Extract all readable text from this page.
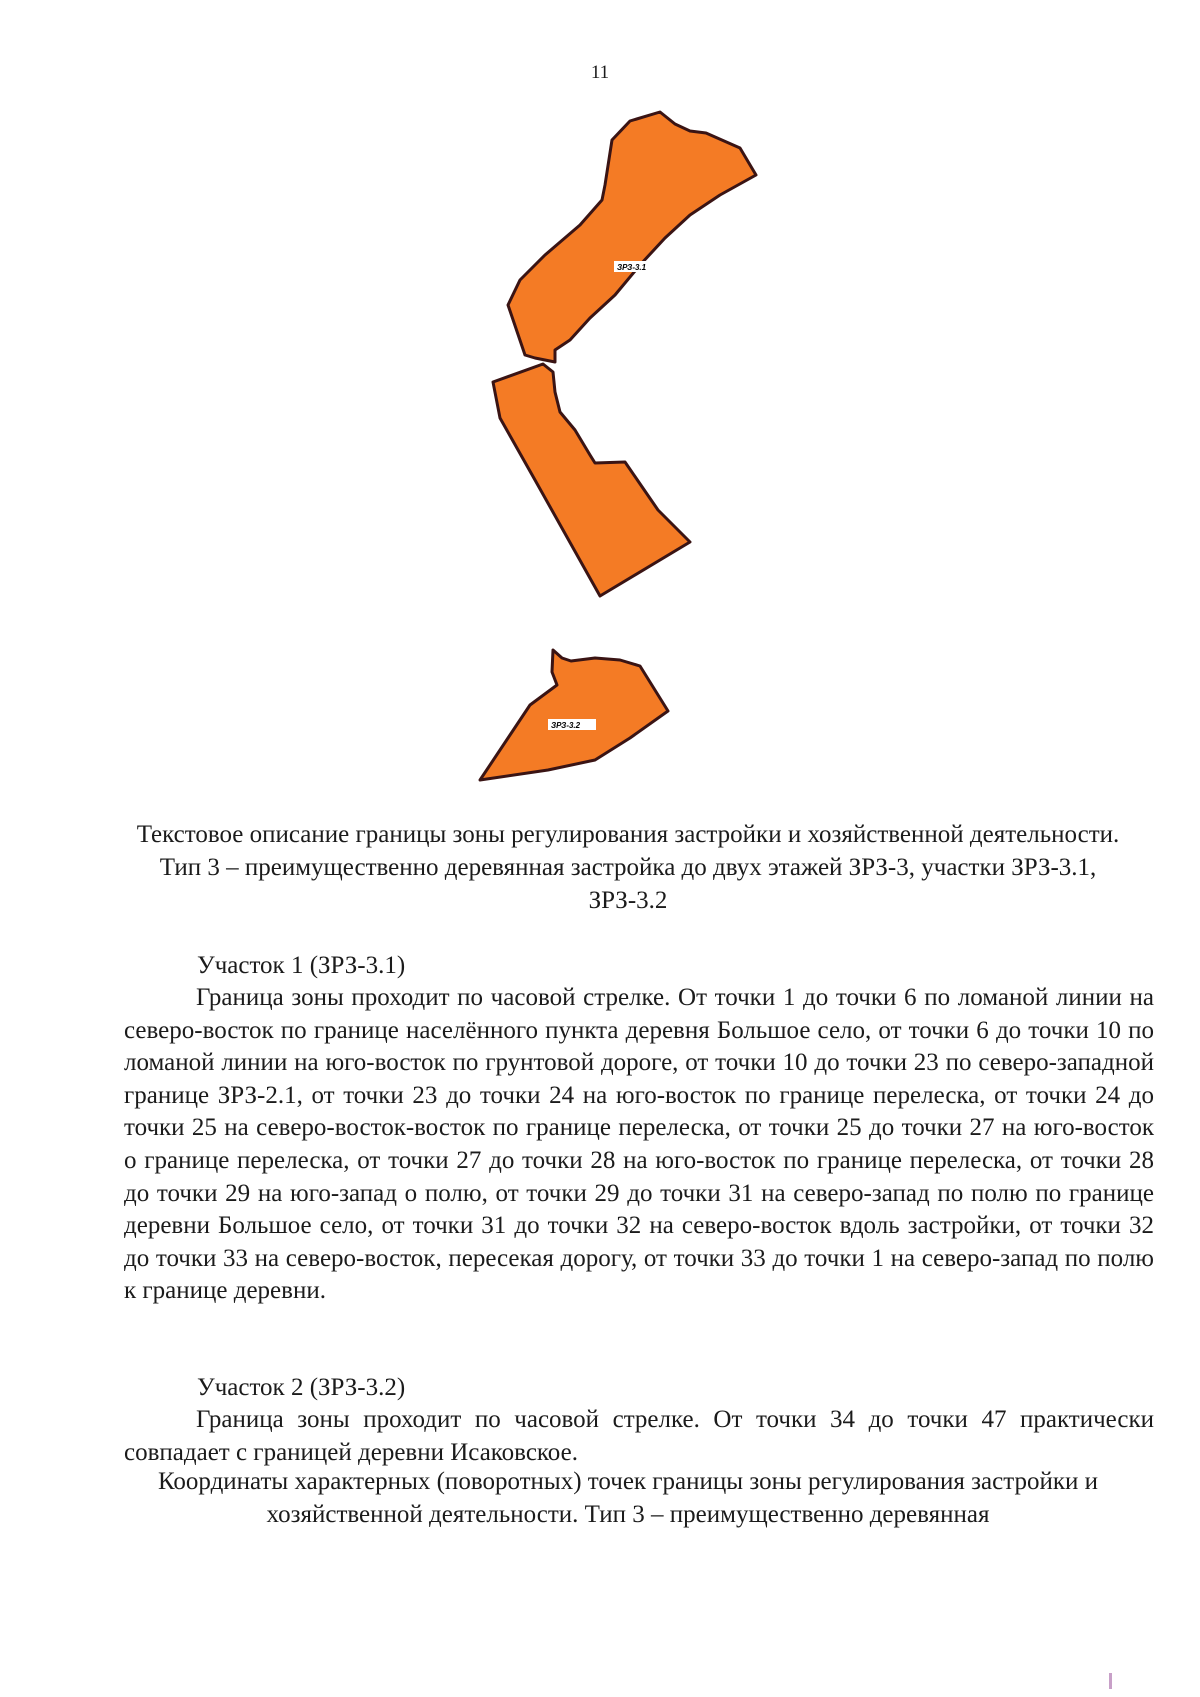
11
ЗРЗ-3.1
ЗРЗ-3.2
Текстовое описание границы зоны регулирования застройки и хозяйственной деятельности. Тип 3 – преимущественно деревянная застройка до двух этажей ЗРЗ-3, участки ЗРЗ-3.1, ЗРЗ-3.2
Участок 1 (ЗРЗ-3.1)

Граница зоны проходит по часовой стрелке. От точки 1 до точки 6 по ломаной линии на северо-восток по границе населённого пункта деревня Большое село, от точки 6 до точки 10 по ломаной линии на юго-восток по грунтовой дороге, от точки 10 до точки 23 по северо-западной границе ЗРЗ-2.1, от точки 23 до точки 24 на юго-восток по границе перелеска, от точки 24 до точки 25 на северо-восток-восток по границе перелеска, от точки 25 до точки 27 на юго-восток о границе перелеска, от точки 27 до точки 28 на юго-восток по границе перелеска, от точки 28 до точки 29 на юго-запад о полю, от точки 29 до точки 31 на северо-запад по полю по границе деревни Большое село, от точки 31 до точки 32 на северо-восток вдоль застройки, от точки 32 до точки 33 на северо-восток, пересекая дорогу, от точки 33 до точки 1 на северо-запад по полю к границе деревни.

Участок 2 (ЗРЗ-3.2)

Граница зоны проходит по часовой стрелке. От точки 34 до точки 47 практически совпадает с границей деревни Исаковское.

Координаты характерных (поворотных) точек границы зоны регулирования застройки и хозяйственной деятельности. Тип 3 – преимущественно деревянная
